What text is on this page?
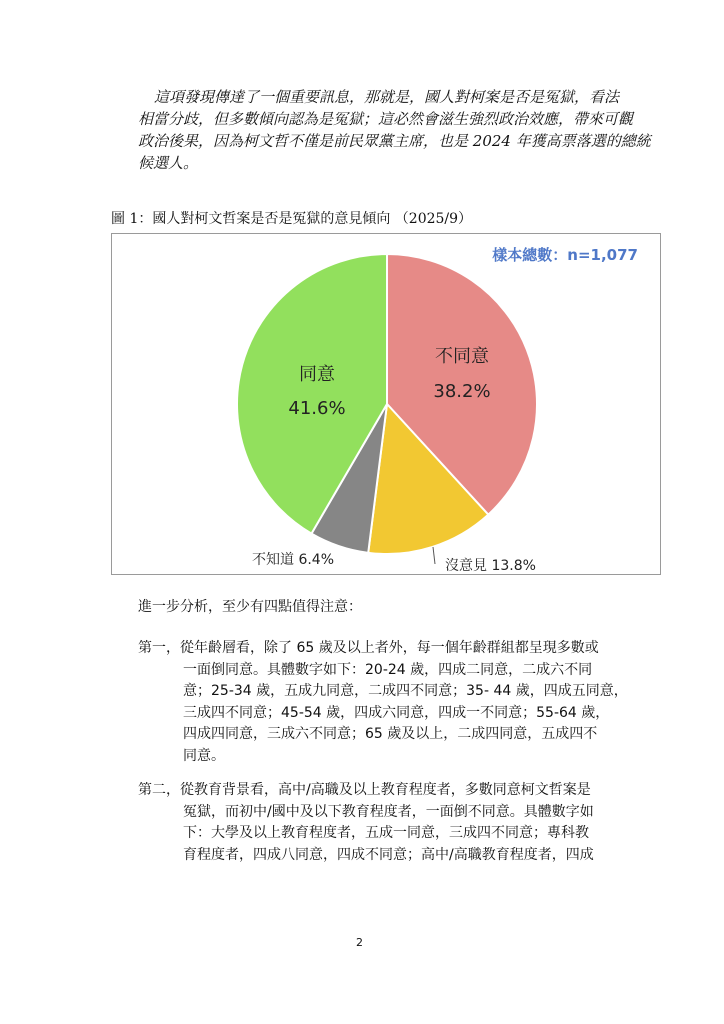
這項發現傳達了一個重要訊息，那就是，國人對柯案是否是冤獄，看法
相當分歧，但多數傾向認為是冤獄；這必然會滋生強烈政治效應，帶來可觀
政治後果，因為柯文哲不僅是前民眾黨主席，也是 2024 年獲高票落選的總統
候選人。
圖 1：國人對柯文哲案是否是冤獄的意見傾向 （2025/9）
樣本總數：n=1,077
不同意
38.2%
同意
41.6%
不知道 6.4%	沒意見 13.8%
進一步分析，至少有四點值得注意：
第一，從年齡層看，除了 65 歲及以上者外，每一個年齡群組都呈現多數或
一面倒同意。具體數字如下：20-24 歲，四成二同意，二成六不同
意；25-34 歲，五成九同意，二成四不同意；35- 44 歲，四成五同意，
三成四不同意；45-54 歲，四成六同意，四成一不同意；55-64 歲，
四成四同意，三成六不同意；65 歲及以上，二成四同意，五成四不
同意。
第二，從教育背景看，高中/高職及以上教育程度者，多數同意柯文哲案是
冤獄，而初中/國中及以下教育程度者，一面倒不同意。具體數字如
下：大學及以上教育程度者，五成一同意，三成四不同意；專科教
育程度者，四成八同意，四成不同意；高中/高職教育程度者，四成
2
